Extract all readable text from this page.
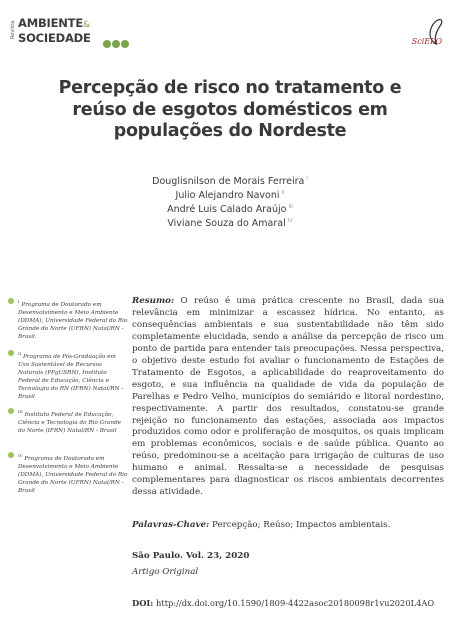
Revista AMBIENTE&
SOCIEDADE	SciELO
Percepção de risco no tratamento e reúso de esgotos domésticos em populações do Nordeste
Douglisnilson de Morais Ferreira $^I$
Julio Alejandro Navoni $^{II}$
André Luis Calado Araújo $^{III}$
Viviane Souza do Amaral $^{IV}$
$^I$ Programa de Doutorado em Desenvolvimento e Meio Ambiente (DDMA), Universidade Federal do Rio Grande do Norte (UFRN) Natal/RN - Brasil.
$^{II}$ Programa de Pós-Graduação em Uso Sustentável de Recursos Naturais (PPgUSRN), Instituto Federal de Educação, Ciência e Tecnologia do RN (IFRN) Natal/RN - Brasil
$^{III}$ Instituto Federal de Educação, Ciência e Tecnologia do Rio Grande do Norte (IFRN) Natal/RN - Brasil
$^{IV}$ Programa de Doutorado em Desenvolvimento e Meio Ambiente (DDMA), Universidade Federal do Rio Grande do Norte (UFRN) Natal/RN - Brasil
Resumo: O reúso é uma prática crescente no Brasil, dada sua relevância em minimizar a escassez hídrica. No entanto, as consequências ambientais e sua sustentabilidade não têm sido completamente elucidada, sendo a análise da percepção de risco um ponto de partida para entender tais preocupações. Nessa perspectiva, o objetivo deste estudo foi avaliar o funcionamento de Estações de Tratamento de Esgotos, a aplicabilidade do reaproveitamento do esgoto, e sua influência na qualidade de vida da população de Parelhas e Pedro Velho, municípios do semiárido e litoral nordestino, respectivamente. A partir dos resultados, constatou-se grande rejeição no funcionamento das estações, associada aos impactos produzidos como odor e proliferação de mosquitos, os quais implicam em problemas econômicos, sociais e de saúde pública. Quanto ao reúso, predominou-se a aceitação para irrigação de culturas de uso humano e animal. Ressalta-se a necessidade de pesquisas complementares para diagnosticar os riscos ambientais decorrentes dessa atividade.
Palavras-Chave: Percepção; Reúso; Impactos ambientais.
São Paulo. Vol. 23, 2020
Artigo Original
DOI: http://dx.doi.org/10.1590/1809-4422asoc20180098r1vu2020L4AO
